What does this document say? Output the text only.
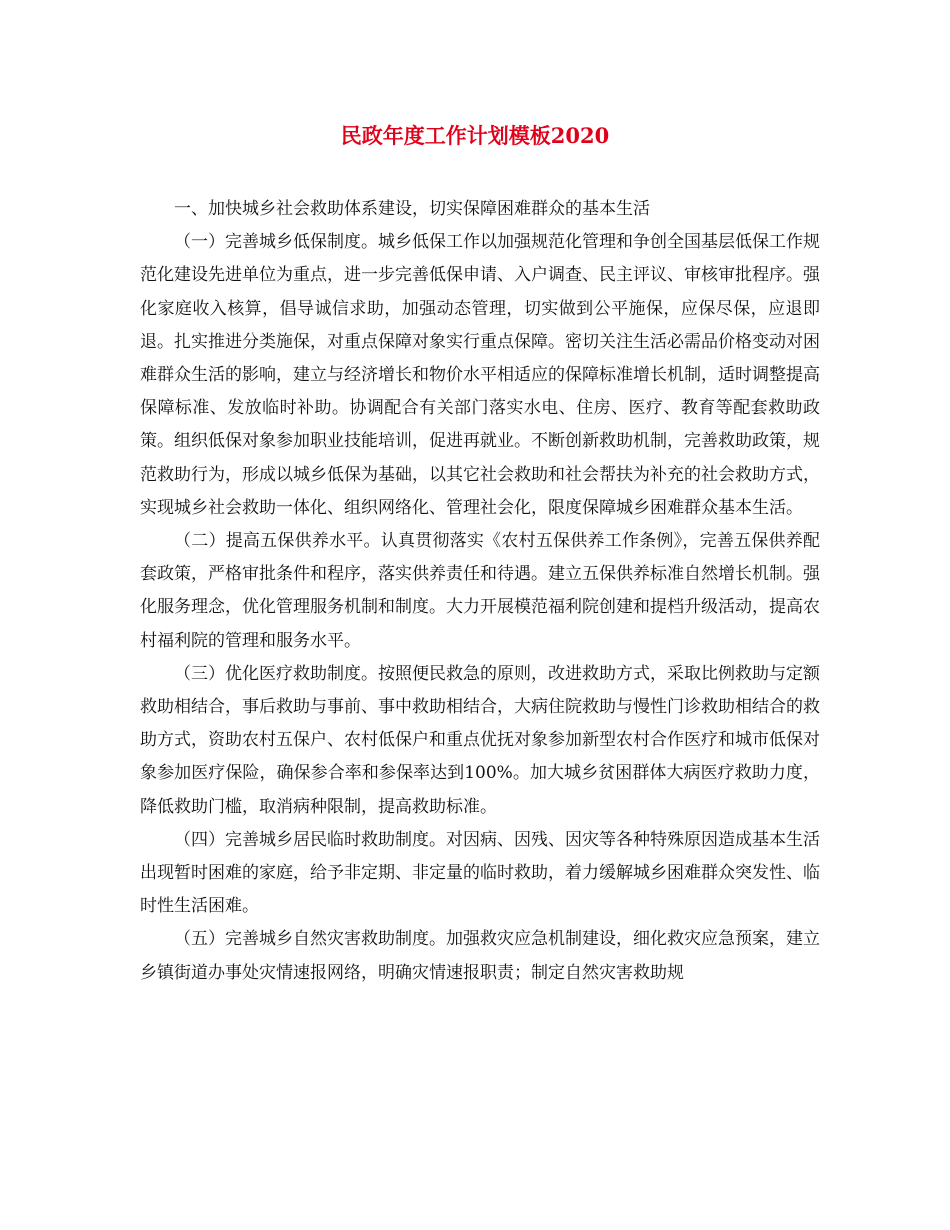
民政年度工作计划模板2020

一、加快城乡社会救助体系建设，切实保障困难群众的基本生活

（一）完善城乡低保制度。城乡低保工作以加强规范化管理和争创全国基层低保工作规范化建设先进单位为重点，进一步完善低保申请、入户调查、民主评议、审核审批程序。强化家庭收入核算，倡导诚信求助，加强动态管理，切实做到公平施保，应保尽保，应退即退。扎实推进分类施保，对重点保障对象实行重点保障。密切关注生活必需品价格变动对困难群众生活的影响，建立与经济增长和物价水平相适应的保障标准增长机制，适时调整提高保障标准、发放临时补助。协调配合有关部门落实水电、住房、医疗、教育等配套救助政策。组织低保对象参加职业技能培训，促进再就业。不断创新救助机制，完善救助政策，规范救助行为，形成以城乡低保为基础，以其它社会救助和社会帮扶为补充的社会救助方式，实现城乡社会救助一体化、组织网络化、管理社会化，限度保障城乡困难群众基本生活。

（二）提高五保供养水平。认真贯彻落实《农村五保供养工作条例》，完善五保供养配套政策，严格审批条件和程序，落实供养责任和待遇。建立五保供养标准自然增长机制。强化服务理念，优化管理服务机制和制度。大力开展模范福利院创建和提档升级活动，提高农村福利院的管理和服务水平。

（三）优化医疗救助制度。按照便民救急的原则，改进救助方式，采取比例救助与定额救助相结合，事后救助与事前、事中救助相结合，大病住院救助与慢性门诊救助相结合的救助方式，资助农村五保户、农村低保户和重点优抚对象参加新型农村合作医疗和城市低保对象参加医疗保险，确保参合率和参保率达到100%。加大城乡贫困群体大病医疗救助力度，降低救助门槛，取消病种限制，提高救助标准。

（四）完善城乡居民临时救助制度。对因病、因残、因灾等各种特殊原因造成基本生活出现暂时困难的家庭，给予非定期、非定量的临时救助，着力缓解城乡困难群众突发性、临时性生活困难。

（五）完善城乡自然灾害救助制度。加强救灾应急机制建设，细化救灾应急预案，建立乡镇街道办事处灾情速报网络，明确灾情速报职责；制定自然灾害救助规
